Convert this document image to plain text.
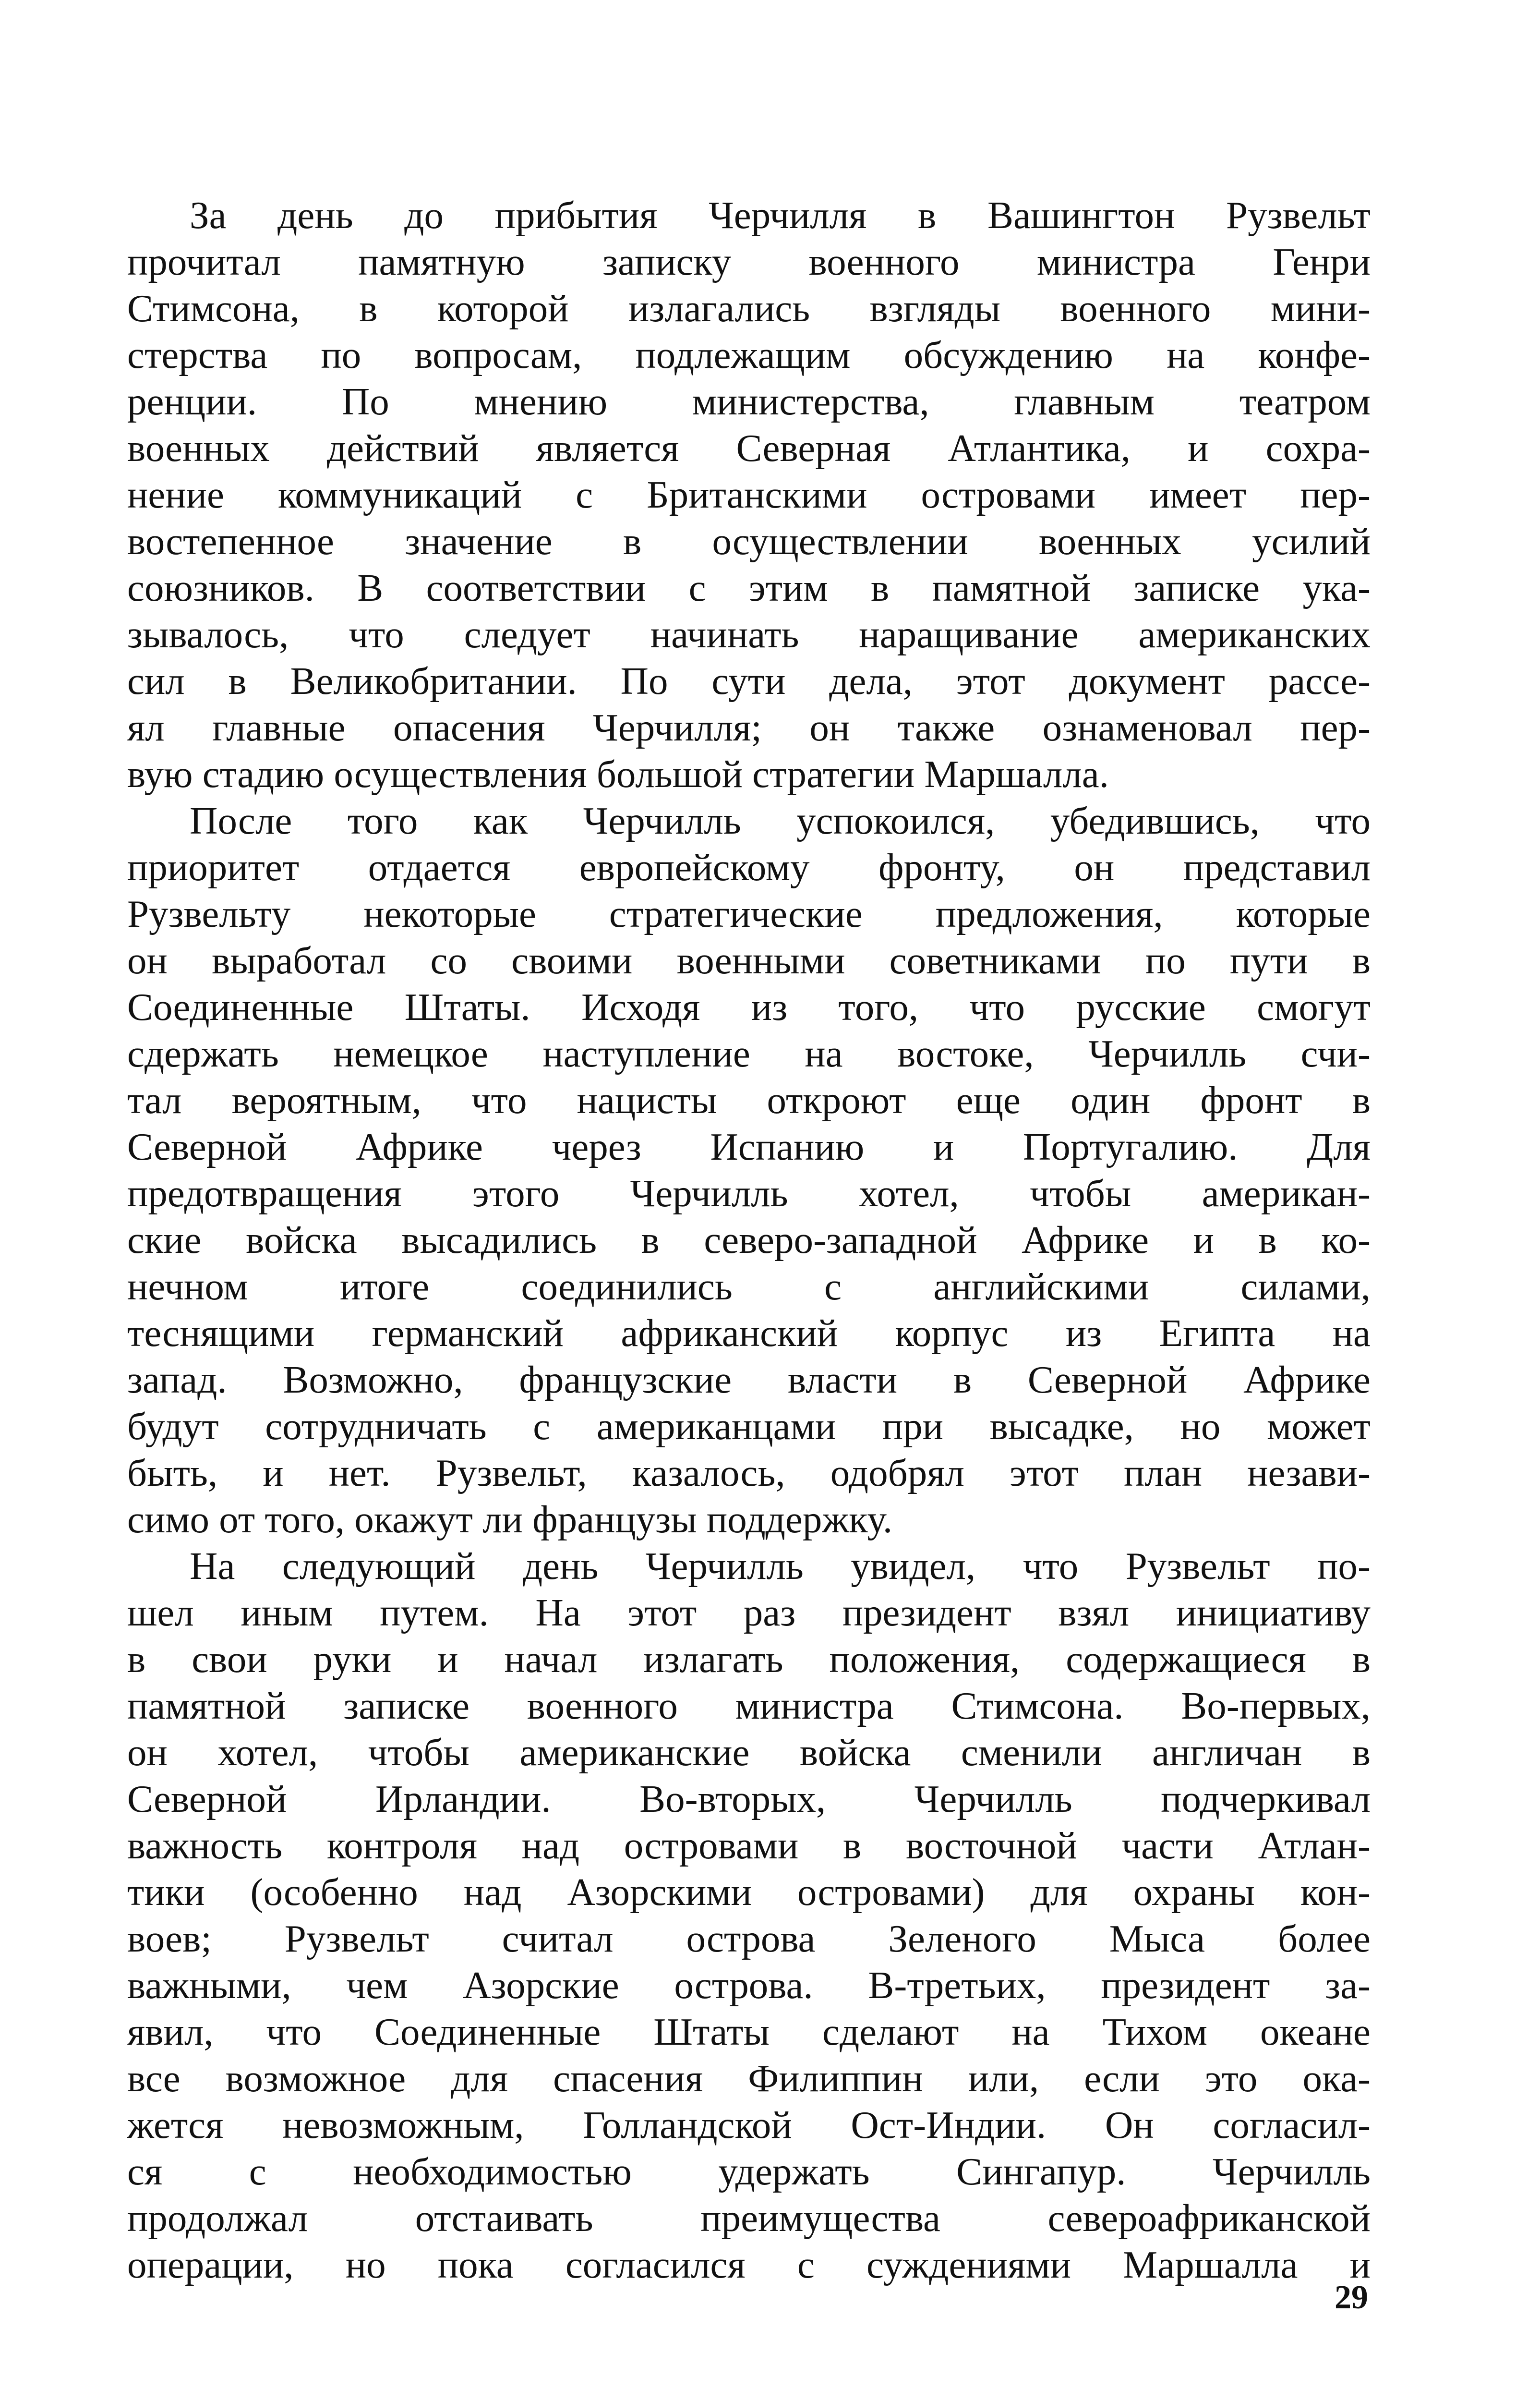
За день до прибытия Черчилля в Вашингтон Рузвельт
прочитал памятную записку военного министра Генри
Стимсона, в которой излагались взгляды военного мини-
стерства по вопросам, подлежащим обсуждению на конфе-
ренции. По мнению министерства, главным театром
военных действий является Северная Атлантика, и сохра-
нение коммуникаций с Британскими островами имеет пер-
востепенное значение в осуществлении военных усилий
союзников. В соответствии с этим в памятной записке ука-
зывалось, что следует начинать наращивание американских
сил в Великобритании. По сути дела, этот документ рассе-
ял главные опасения Черчилля; он также ознаменовал пер-
вую стадию осуществления большой стратегии Маршалла.
После того как Черчилль успокоился, убедившись, что
приоритет отдается европейскому фронту, он представил
Рузвельту некоторые стратегические предложения, которые
он выработал со своими военными советниками по пути в
Соединенные Штаты. Исходя из того, что русские смогут
сдержать немецкое наступление на востоке, Черчилль счи-
тал вероятным, что нацисты откроют еще один фронт в
Северной Африке через Испанию и Португалию. Для
предотвращения этого Черчилль хотел, чтобы американ-
ские войска высадились в северо-западной Африке и в ко-
нечном итоге соединились с английскими силами,
теснящими германский африканский корпус из Египта на
запад. Возможно, французские власти в Северной Африке
будут сотрудничать с американцами при высадке, но может
быть, и нет. Рузвельт, казалось, одобрял этот план незави-
симо от того, окажут ли французы поддержку.
На следующий день Черчилль увидел, что Рузвельт по-
шел иным путем. На этот раз президент взял инициативу
в свои руки и начал излагать положения, содержащиеся в
памятной записке военного министра Стимсона. Во-первых,
он хотел, чтобы американские войска сменили англичан в
Северной Ирландии. Во-вторых, Черчилль подчеркивал
важность контроля над островами в восточной части Атлан-
тики (особенно над Азорскими островами) для охраны кон-
воев; Рузвельт считал острова Зеленого Мыса более
важными, чем Азорские острова. В-третьих, президент за-
явил, что Соединенные Штаты сделают на Тихом океане
все возможное для спасения Филиппин или, если это ока-
жется невозможным, Голландской Ост-Индии. Он согласил-
ся с необходимостью удержать Сингапур. Черчилль
продолжал отстаивать преимущества североафриканской
операции, но пока согласился с суждениями Маршалла и
29
